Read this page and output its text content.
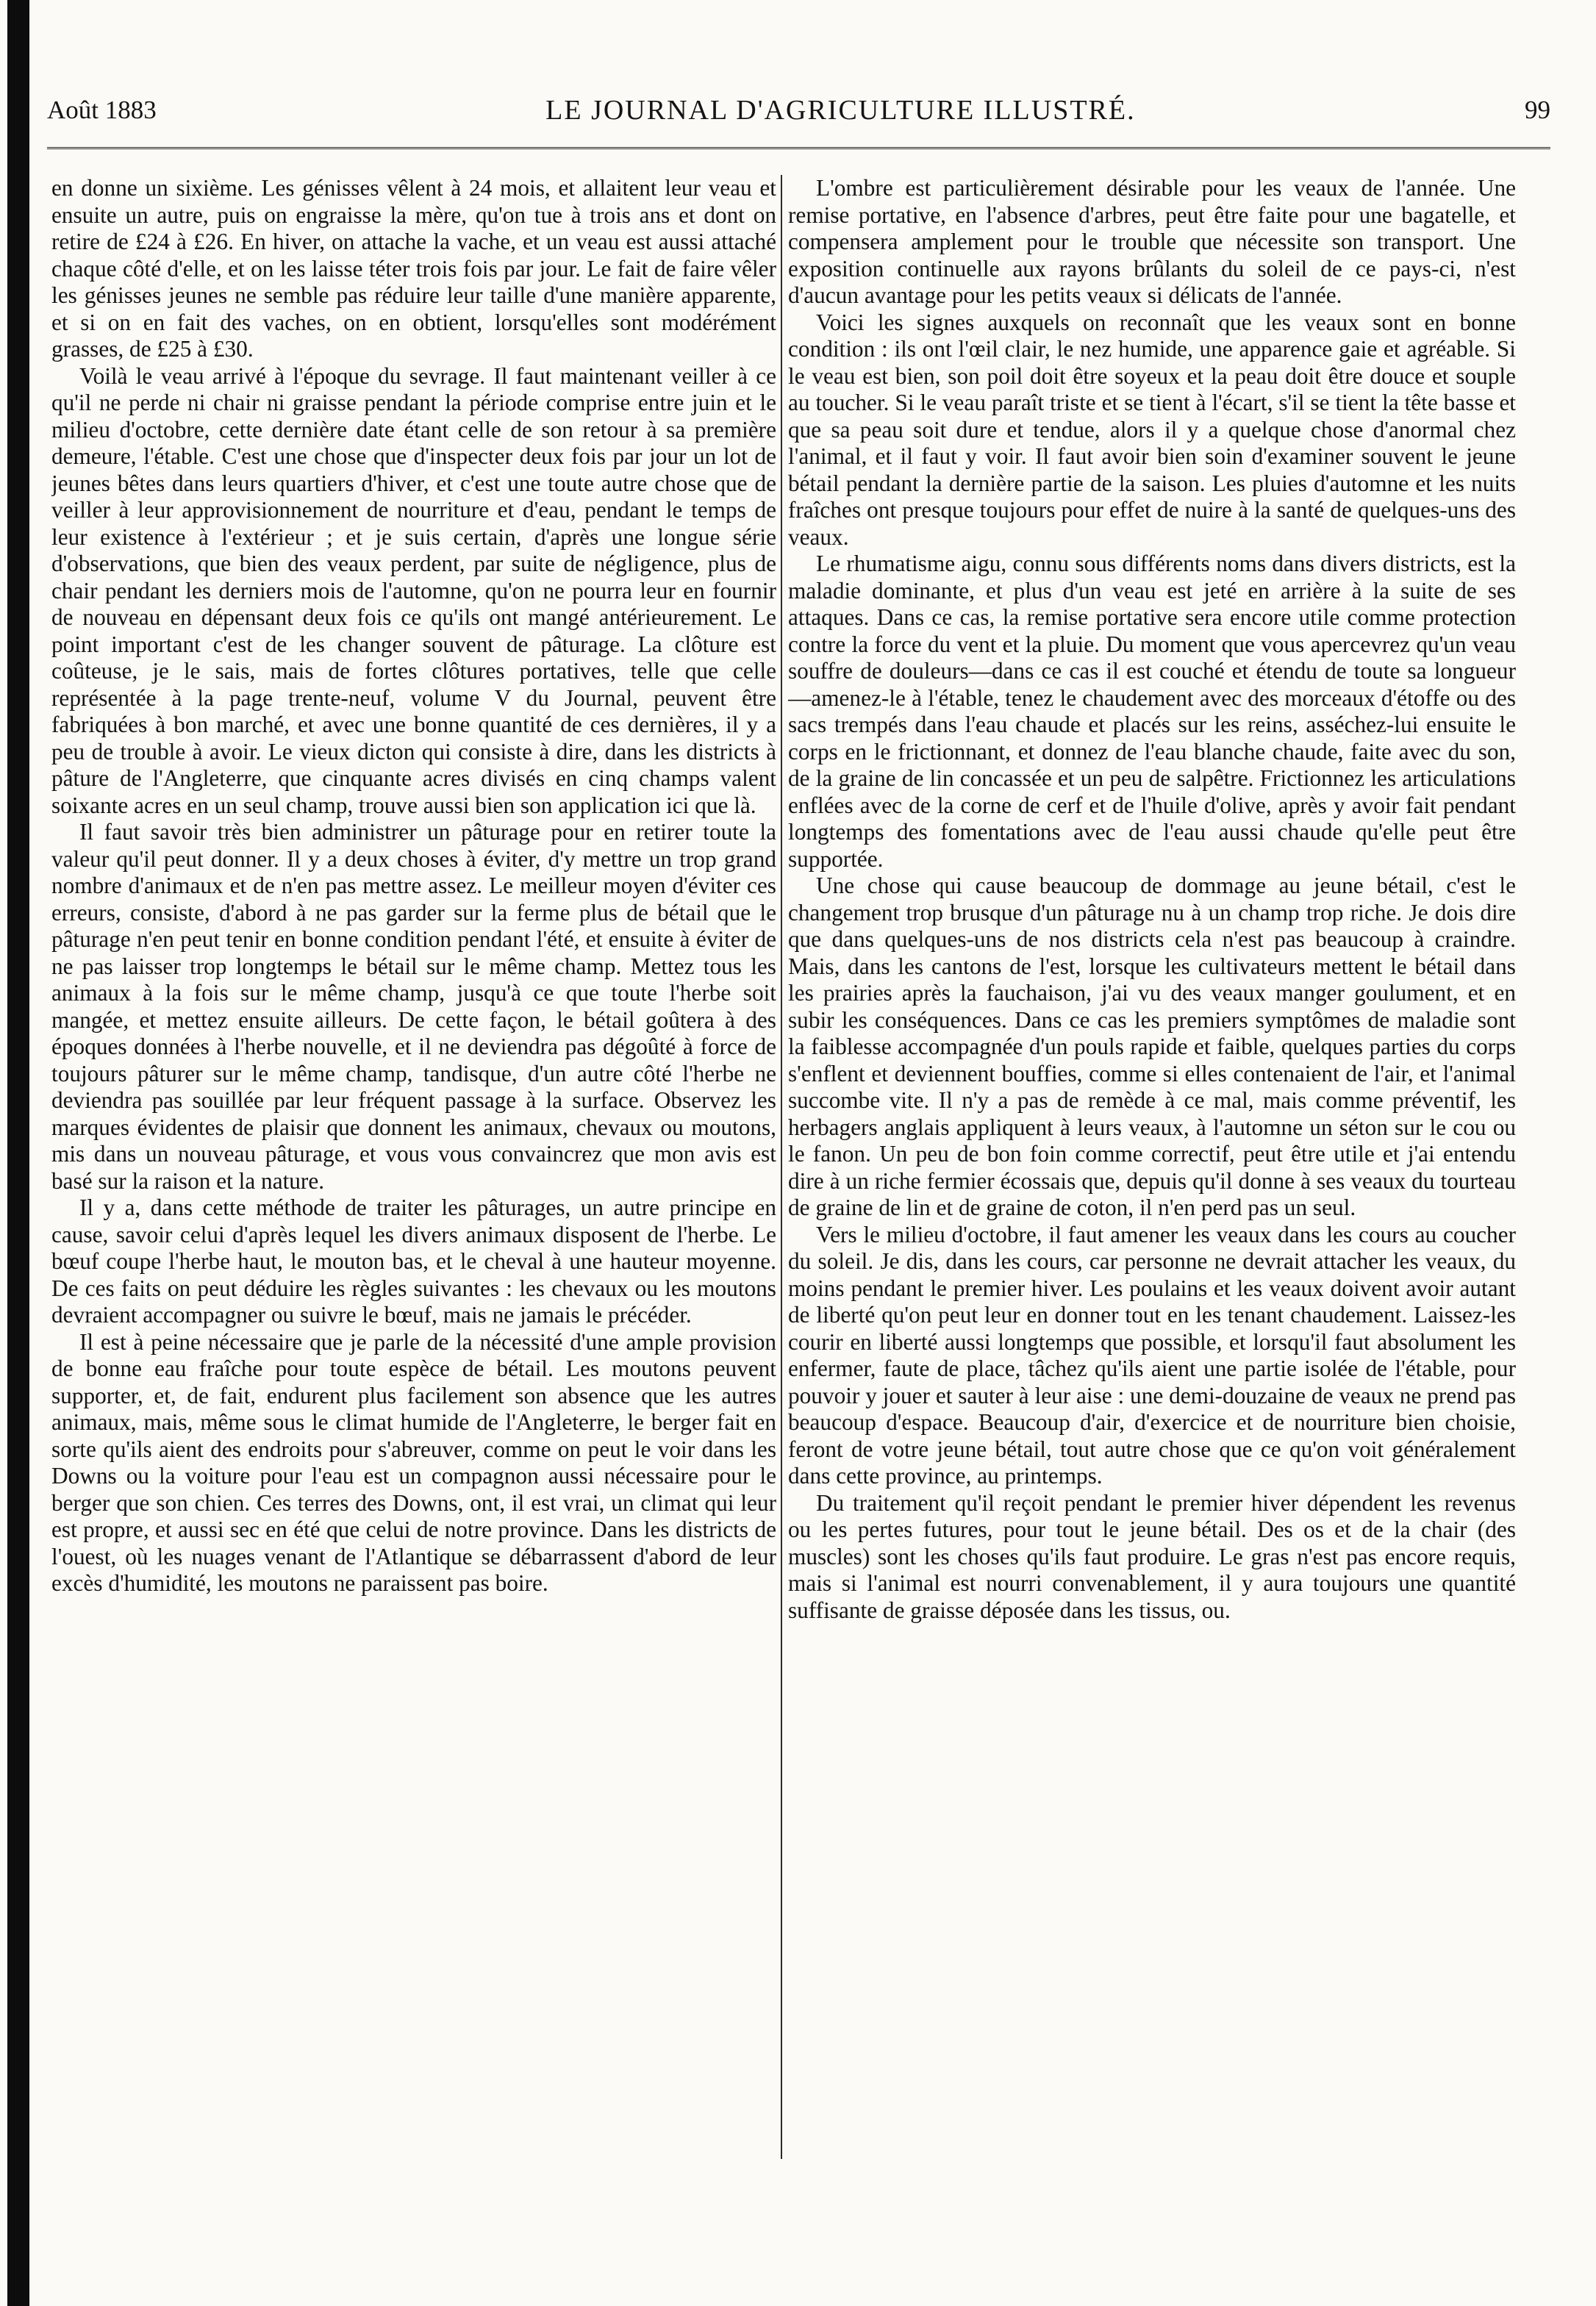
Août 1883	LE JOURNAL D'AGRICULTURE ILLUSTRÉ.	99

en donne un sixième. Les génisses vêlent à 24 mois, et allaitent leur veau et ensuite un autre, puis on engraisse la mère, qu'on tue à trois ans et dont on retire de £24 à £26. En hiver, on attache la vache, et un veau est aussi attaché chaque côté d'elle, et on les laisse téter trois fois par jour. Le fait de faire vêler les génisses jeunes ne semble pas réduire leur taille d'une manière apparente, et si on en fait des vaches, on en obtient, lorsqu'elles sont modérément grasses, de £25 à £30.

Voilà le veau arrivé à l'époque du sevrage. Il faut maintenant veiller à ce qu'il ne perde ni chair ni graisse pendant la période comprise entre juin et le milieu d'octobre, cette dernière date étant celle de son retour à sa première demeure, l'étable. C'est une chose que d'inspecter deux fois par jour un lot de jeunes bêtes dans leurs quartiers d'hiver, et c'est une toute autre chose que de veiller à leur approvisionnement de nourriture et d'eau, pendant le temps de leur existence à l'extérieur ; et je suis certain, d'après une longue série d'observations, que bien des veaux perdent, par suite de négligence, plus de chair pendant les derniers mois de l'automne, qu'on ne pourra leur en fournir de nouveau en dépensant deux fois ce qu'ils ont mangé antérieurement. Le point important c'est de les changer souvent de pâturage. La clôture est coûteuse, je le sais, mais de fortes clôtures portatives, telle que celle représentée à la page trente-neuf, volume V du Journal, peuvent être fabriquées à bon marché, et avec une bonne quantité de ces dernières, il y a peu de trouble à avoir. Le vieux dicton qui consiste à dire, dans les districts à pâture de l'Angleterre, que cinquante acres divisés en cinq champs valent soixante acres en un seul champ, trouve aussi bien son application ici que là.

Il faut savoir très bien administrer un pâturage pour en retirer toute la valeur qu'il peut donner. Il y a deux choses à éviter, d'y mettre un trop grand nombre d'animaux et de n'en pas mettre assez. Le meilleur moyen d'éviter ces erreurs, consiste, d'abord à ne pas garder sur la ferme plus de bétail que le pâturage n'en peut tenir en bonne condition pendant l'été, et ensuite à éviter de ne pas laisser trop longtemps le bétail sur le même champ. Mettez tous les animaux à la fois sur le même champ, jusqu'à ce que toute l'herbe soit mangée, et mettez ensuite ailleurs. De cette façon, le bétail goûtera à des époques données à l'herbe nouvelle, et il ne deviendra pas dégoûté à force de toujours pâturer sur le même champ, tandisque, d'un autre côté l'herbe ne deviendra pas souillée par leur fréquent passage à la surface. Observez les marques évidentes de plaisir que donnent les animaux, chevaux ou moutons, mis dans un nouveau pâturage, et vous vous convaincrez que mon avis est basé sur la raison et la nature.

Il y a, dans cette méthode de traiter les pâturages, un autre principe en cause, savoir celui d'après lequel les divers animaux disposent de l'herbe. Le bœuf coupe l'herbe haut, le mouton bas, et le cheval à une hauteur moyenne. De ces faits on peut déduire les règles suivantes : les chevaux ou les moutons devraient accompagner ou suivre le bœuf, mais ne jamais le précéder.

Il est à peine nécessaire que je parle de la nécessité d'une ample provision de bonne eau fraîche pour toute espèce de bétail. Les moutons peuvent supporter, et, de fait, endurent plus facilement son absence que les autres animaux, mais, même sous le climat humide de l'Angleterre, le berger fait en sorte qu'ils aient des endroits pour s'abreuver, comme on peut le voir dans les Downs ou la voiture pour l'eau est un compagnon aussi nécessaire pour le berger que son chien. Ces terres des Downs, ont, il est vrai, un climat qui leur est propre, et aussi sec en été que celui de notre province. Dans les districts de l'ouest, où les nuages venant de l'Atlantique se débarrassent d'abord de leur excès d'humidité, les moutons ne paraissent pas boire.

L'ombre est particulièrement désirable pour les veaux de l'année. Une remise portative, en l'absence d'arbres, peut être faite pour une bagatelle, et compensera amplement pour le trouble que nécessite son transport. Une exposition continuelle aux rayons brûlants du soleil de ce pays-ci, n'est d'aucun avantage pour les petits veaux si délicats de l'année.

Voici les signes auxquels on reconnaît que les veaux sont en bonne condition : ils ont l'œil clair, le nez humide, une apparence gaie et agréable. Si le veau est bien, son poil doit être soyeux et la peau doit être douce et souple au toucher. Si le veau paraît triste et se tient à l'écart, s'il se tient la tête basse et que sa peau soit dure et tendue, alors il y a quelque chose d'anormal chez l'animal, et il faut y voir. Il faut avoir bien soin d'examiner souvent le jeune bétail pendant la dernière partie de la saison. Les pluies d'automne et les nuits fraîches ont presque toujours pour effet de nuire à la santé de quelques-uns des veaux.

Le rhumatisme aigu, connu sous différents noms dans divers districts, est la maladie dominante, et plus d'un veau est jeté en arrière à la suite de ses attaques. Dans ce cas, la remise portative sera encore utile comme protection contre la force du vent et la pluie. Du moment que vous apercevrez qu'un veau souffre de douleurs—dans ce cas il est couché et étendu de toute sa longueur—amenez-le à l'étable, tenez le chaudement avec des morceaux d'étoffe ou des sacs trempés dans l'eau chaude et placés sur les reins, asséchez-lui ensuite le corps en le frictionnant, et donnez de l'eau blanche chaude, faite avec du son, de la graine de lin concassée et un peu de salpêtre. Frictionnez les articulations enflées avec de la corne de cerf et de l'huile d'olive, après y avoir fait pendant longtemps des fomentations avec de l'eau aussi chaude qu'elle peut être supportée.

Une chose qui cause beaucoup de dommage au jeune bétail, c'est le changement trop brusque d'un pâturage nu à un champ trop riche. Je dois dire que dans quelques-uns de nos districts cela n'est pas beaucoup à craindre. Mais, dans les cantons de l'est, lorsque les cultivateurs mettent le bétail dans les prairies après la fauchaison, j'ai vu des veaux manger goulument, et en subir les conséquences. Dans ce cas les premiers symptômes de maladie sont la faiblesse accompagnée d'un pouls rapide et faible, quelques parties du corps s'enflent et deviennent bouffies, comme si elles contenaient de l'air, et l'animal succombe vite. Il n'y a pas de remède à ce mal, mais comme préventif, les herbagers anglais appliquent à leurs veaux, à l'automne un séton sur le cou ou le fanon. Un peu de bon foin comme correctif, peut être utile et j'ai entendu dire à un riche fermier écossais que, depuis qu'il donne à ses veaux du tourteau de graine de lin et de graine de coton, il n'en perd pas un seul.

Vers le milieu d'octobre, il faut amener les veaux dans les cours au coucher du soleil. Je dis, dans les cours, car personne ne devrait attacher les veaux, du moins pendant le premier hiver. Les poulains et les veaux doivent avoir autant de liberté qu'on peut leur en donner tout en les tenant chaudement. Laissez-les courir en liberté aussi longtemps que possible, et lorsqu'il faut absolument les enfermer, faute de place, tâchez qu'ils aient une partie isolée de l'étable, pour pouvoir y jouer et sauter à leur aise : une demi-douzaine de veaux ne prend pas beaucoup d'espace. Beaucoup d'air, d'exercice et de nourriture bien choisie, feront de votre jeune bétail, tout autre chose que ce qu'on voit généralement dans cette province, au printemps.

Du traitement qu'il reçoit pendant le premier hiver dépendent les revenus ou les pertes futures, pour tout le jeune bétail. Des os et de la chair (des muscles) sont les choses qu'ils faut produire. Le gras n'est pas encore requis, mais si l'animal est nourri convenablement, il y aura toujours une quantité suffisante de graisse déposée dans les tissus, ou.
